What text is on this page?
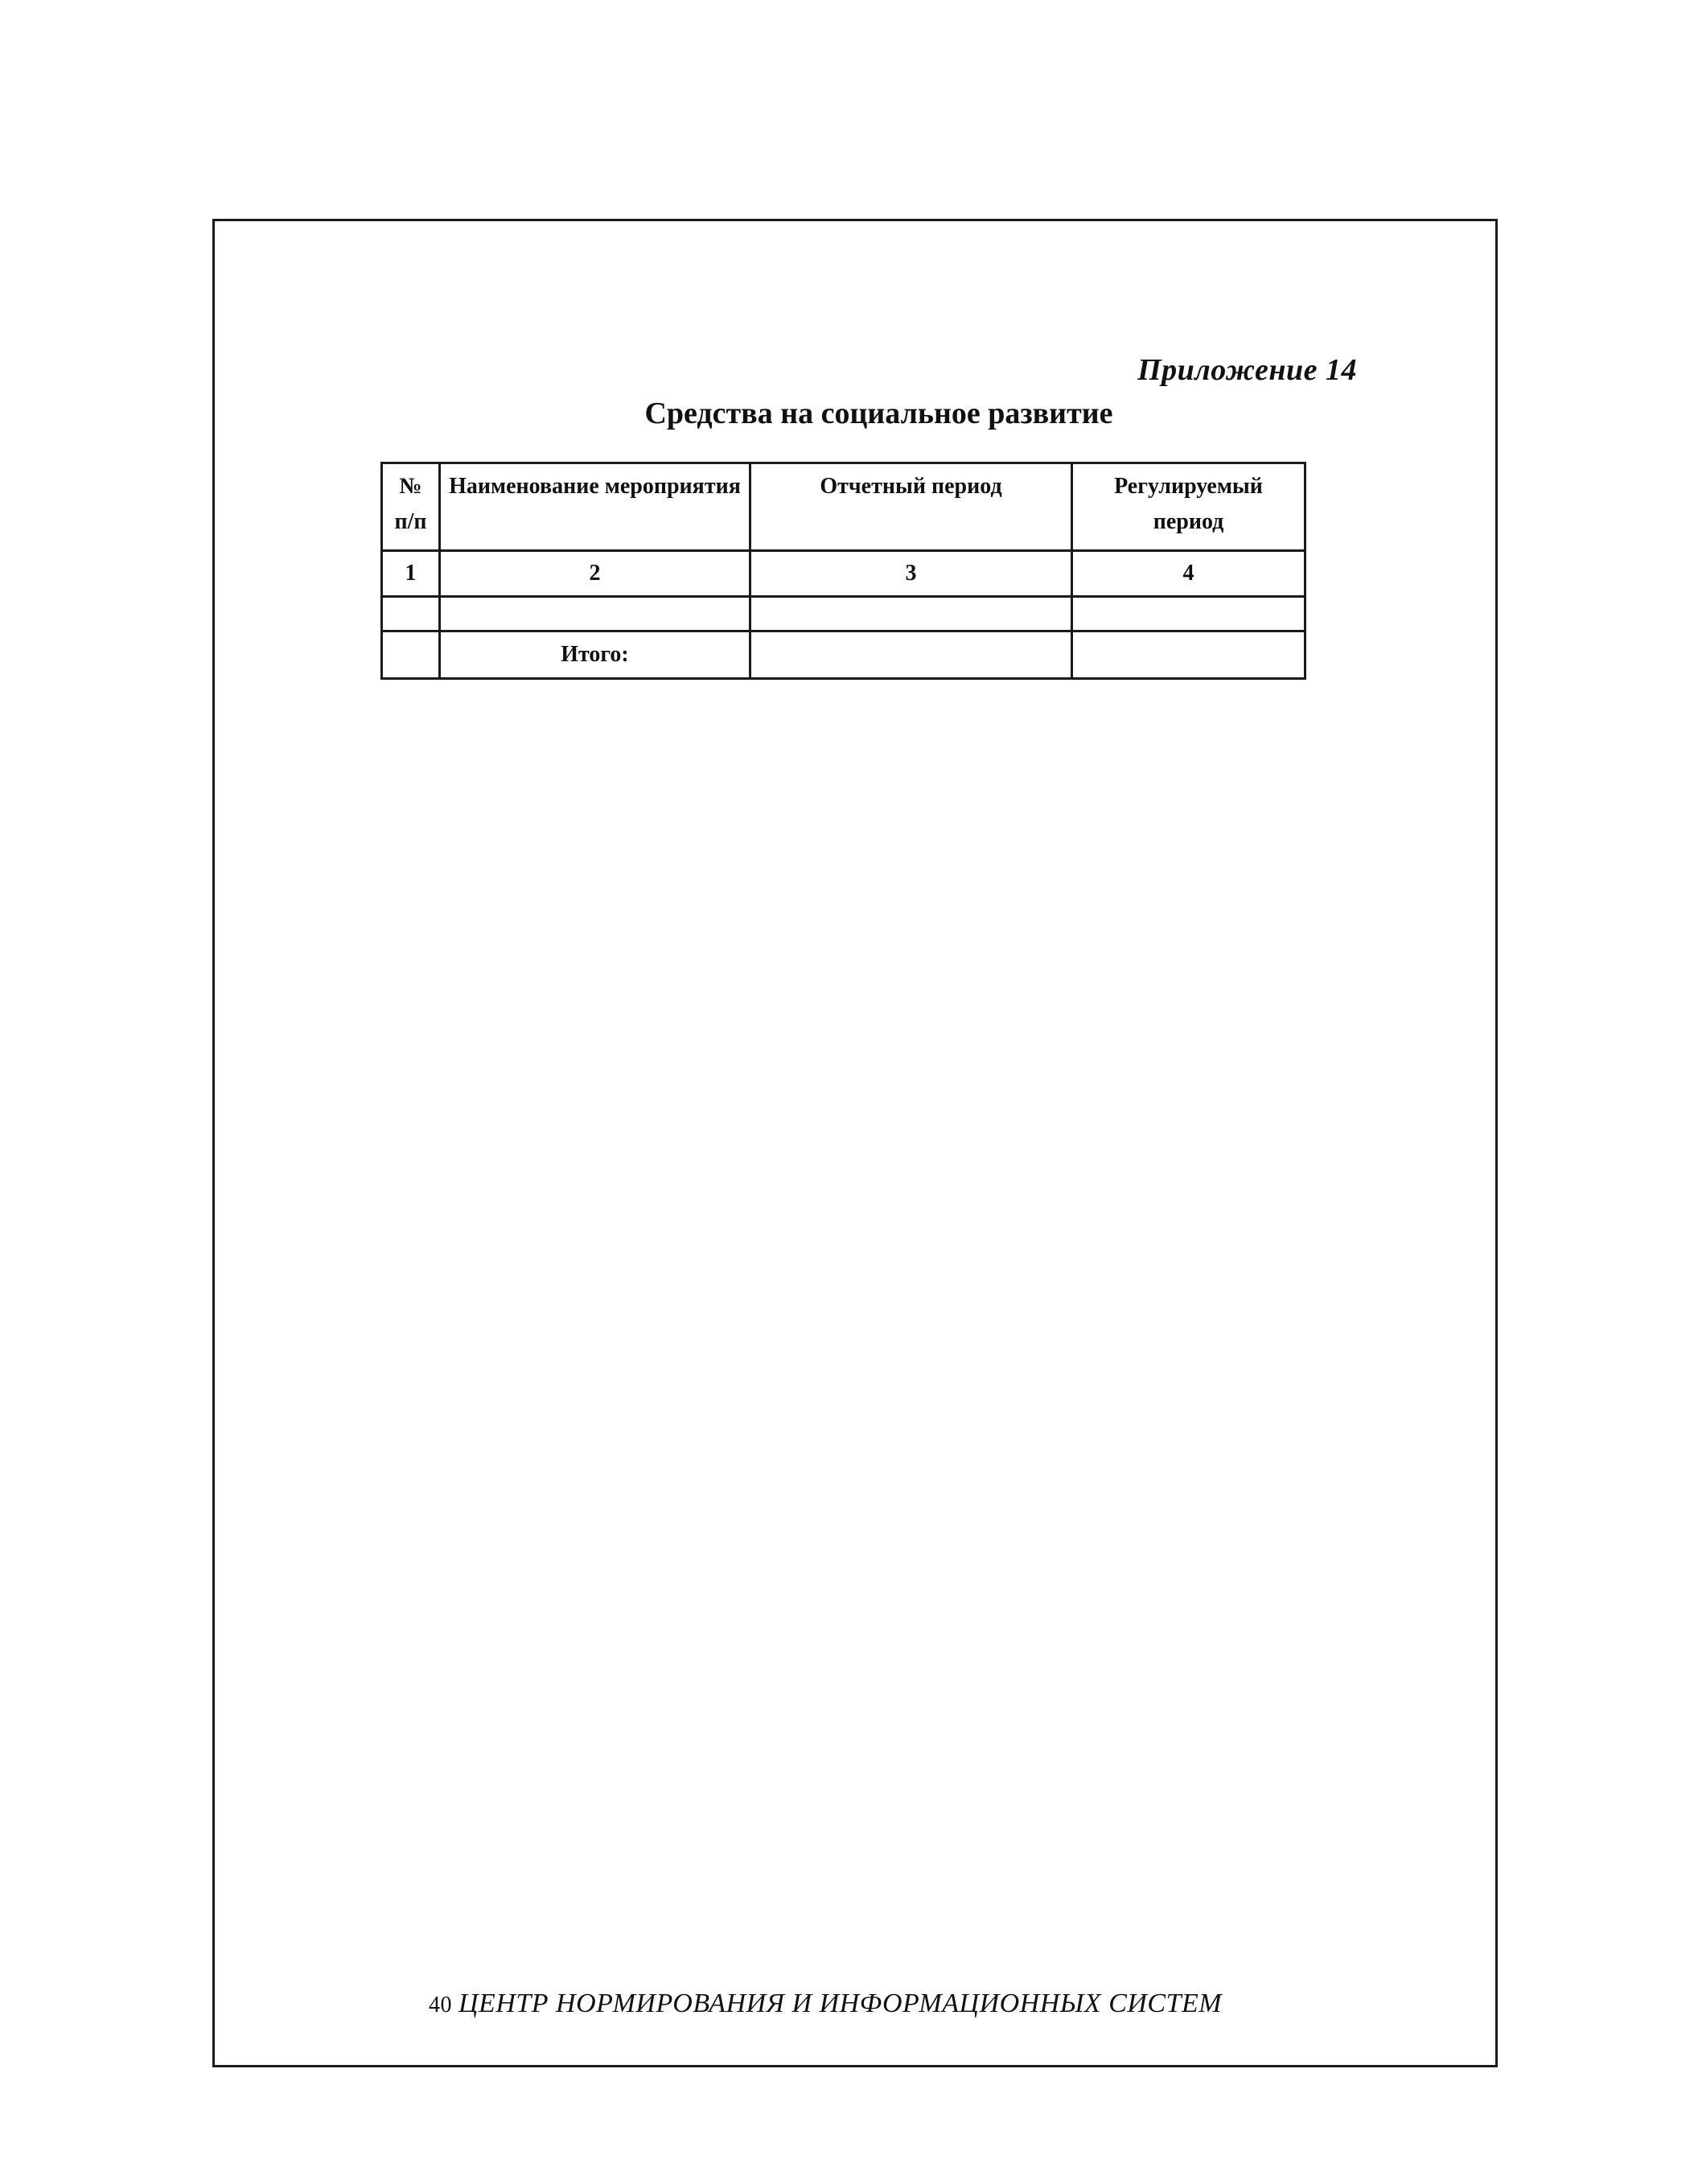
Приложение 14
Средства на социальное развитие
№ п/п	Наименование мероприятия	Отчетный период	Регулируемый период
1	2	3	4

	Итого:		
40 ЦЕНТР НОРМИРОВАНИЯ И ИНФОРМАЦИОННЫХ СИСТЕМ
